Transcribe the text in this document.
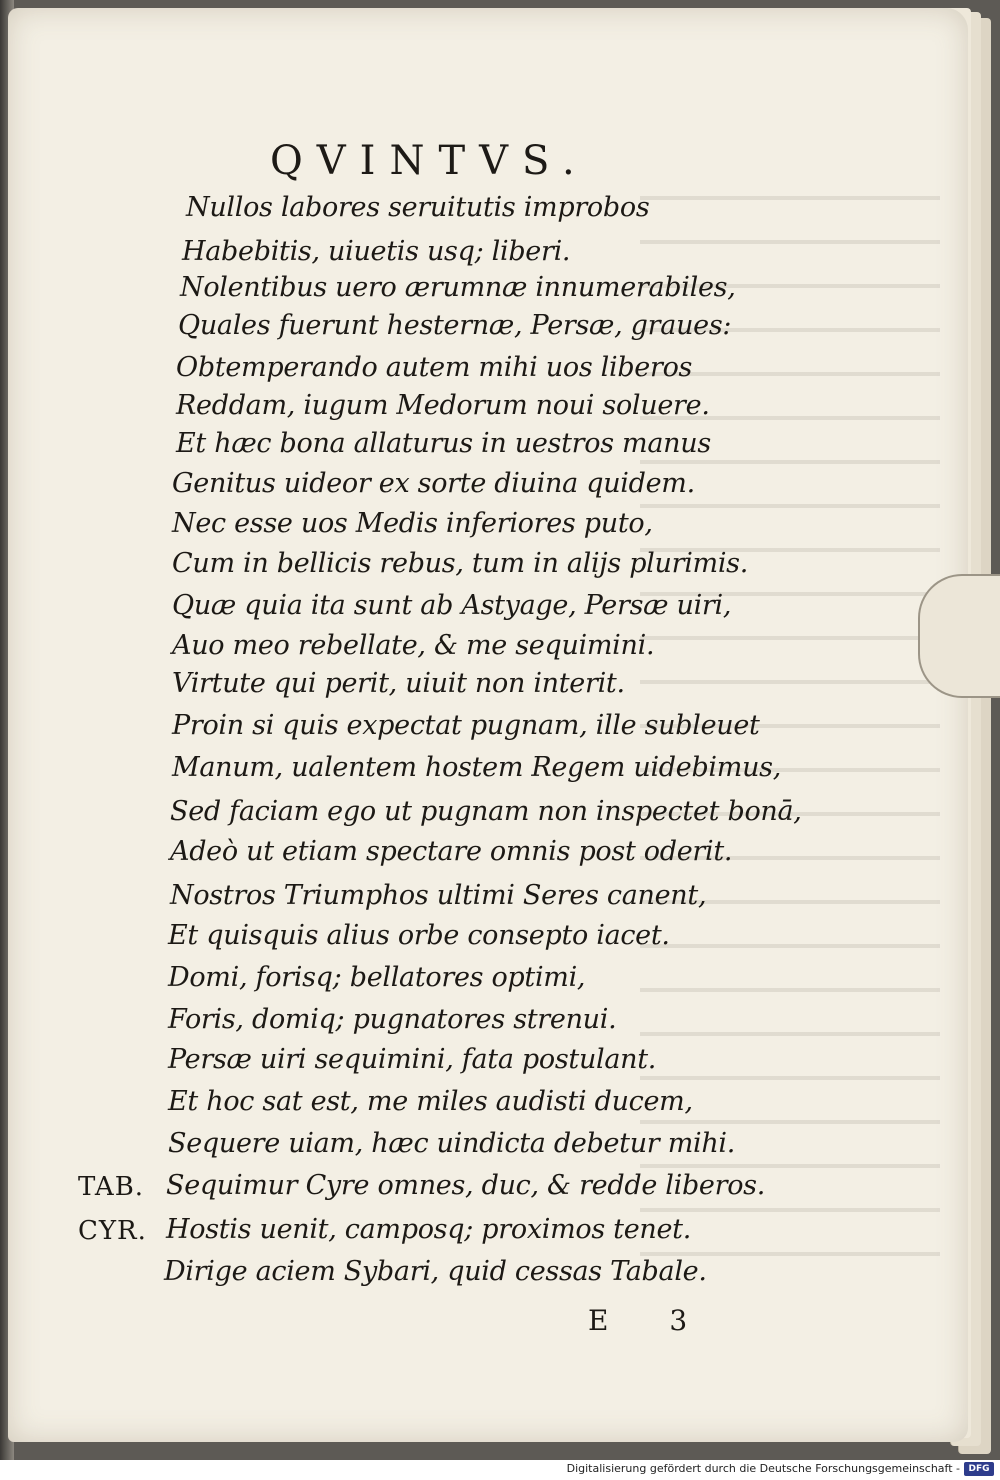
QVINTVS.
Nullos labores seruitutis improbos
Habebitis, uiuetis usq; liberi.
Nolentibus uero ærumnæ innumerabiles,
Quales fuerunt hesternæ, Persæ, graues:
Obtemperando autem mihi uos liberos
Reddam, iugum Medorum noui soluere.
Et hæc bona allaturus in uestros manus
Genitus uideor ex sorte diuina quidem.
Nec esse uos Medis inferiores puto,
Cum in bellicis rebus, tum in alijs plurimis.
Quæ quia ita sunt ab Astyage, Persæ uiri,
Auo meo rebellate, & me sequimini.
Virtute qui perit, uiuit non interit.
Proin si quis expectat pugnam, ille subleuet
Manum, ualentem hostem Regem uidebimus,
Sed faciam ego ut pugnam non inspectet bonā,
Adeò ut etiam spectare omnis post oderit.
Nostros Triumphos ultimi Seres canent,
Et quisquis alius orbe consepto iacet.
Domi, forisq; bellatores optimi,
Foris, domiq; pugnatores strenui.
Persæ uiri sequimini, fata postulant.
Et hoc sat est, me miles audisti ducem,
Sequere uiam, hæc uindicta debetur mihi.
TAB. Sequimur Cyre omnes, duc, & redde liberos.
CYR. Hostis uenit, camposq; proximos tenet.
Dirige aciem Sybari, quid cessas Tabale.
E 3
Digitalisierung gefördert durch die Deutsche Forschungsgemeinschaft - DFG
